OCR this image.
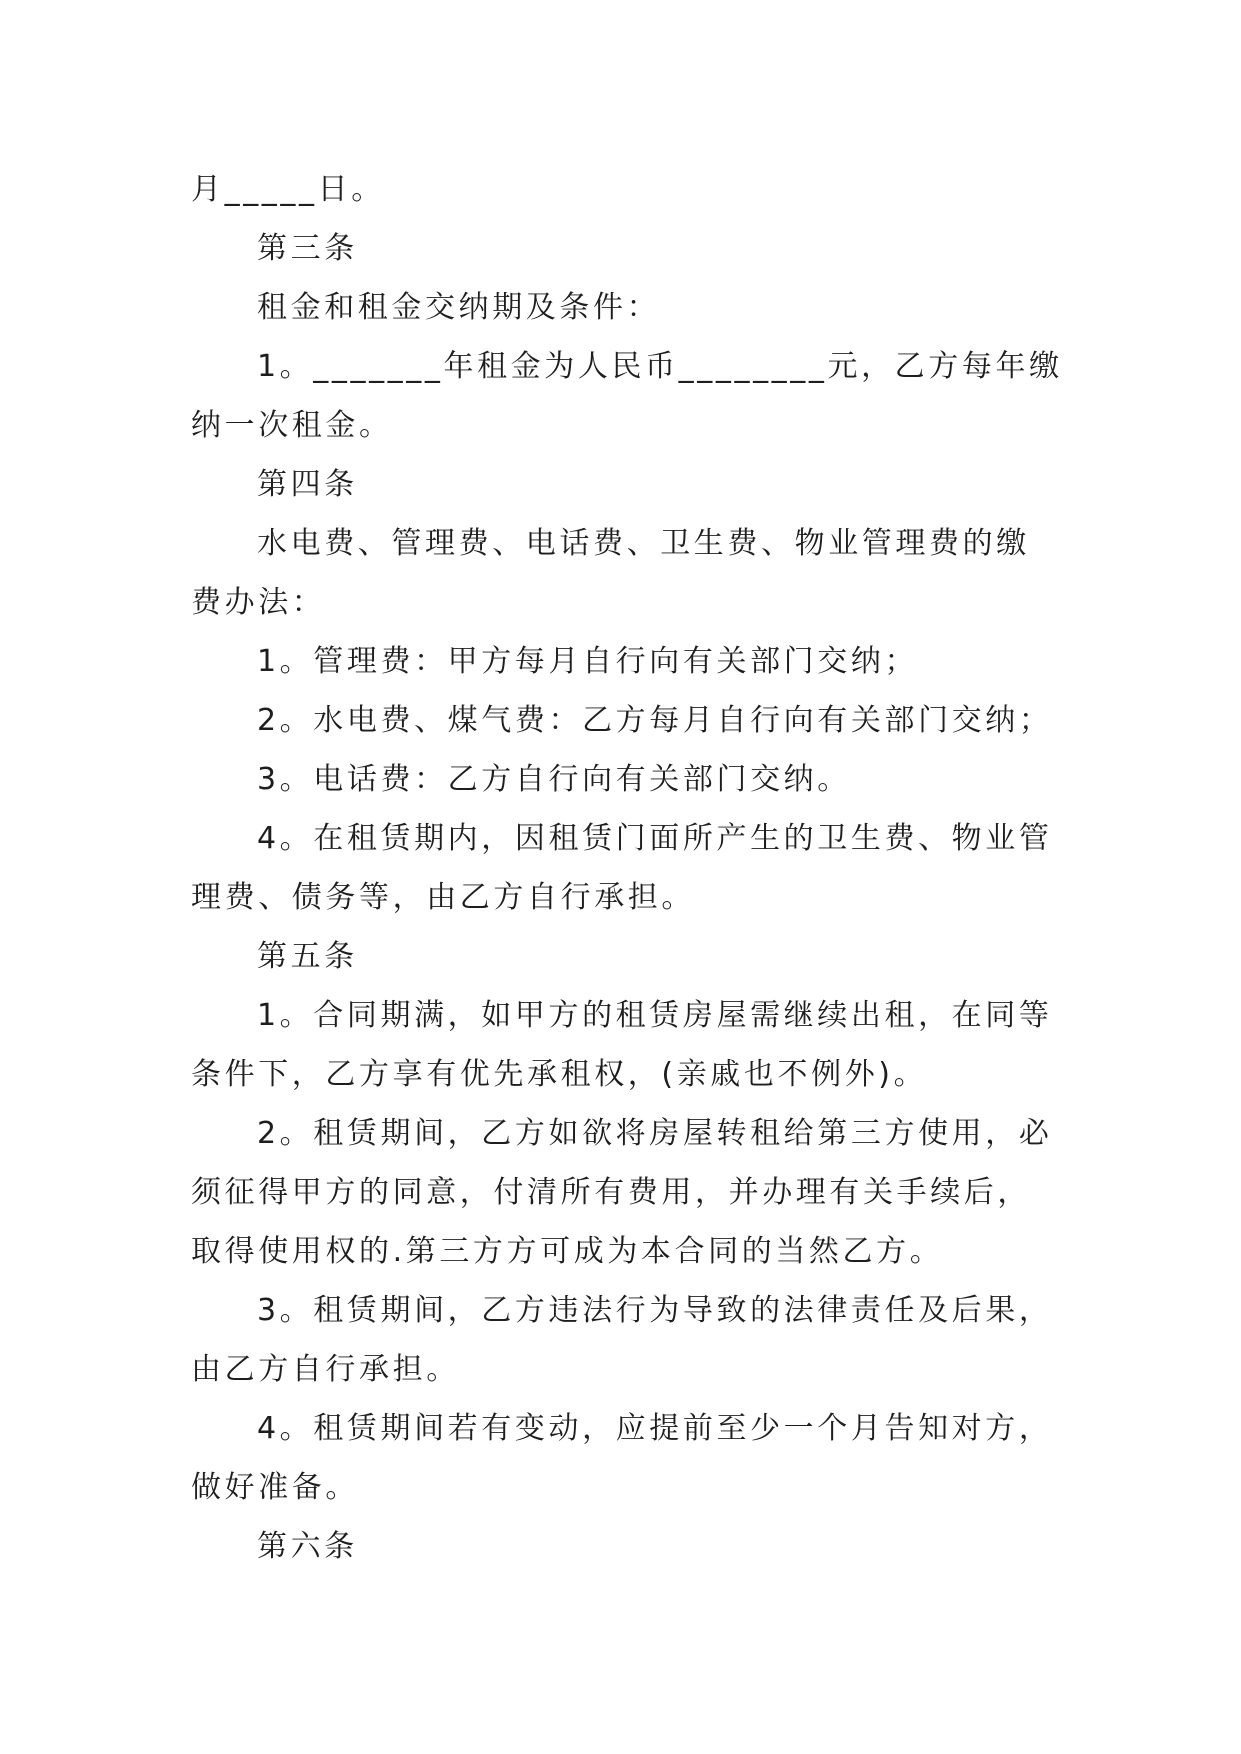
月_____日。

第三条

租金和租金交纳期及条件：

1。_______年租金为人民币________元，乙方每年缴纳一次租金。

第四条

水电费、管理费、电话费、卫生费、物业管理费的缴费办法：

1。管理费：甲方每月自行向有关部门交纳；

2。水电费、煤气费：乙方每月自行向有关部门交纳；

3。电话费：乙方自行向有关部门交纳。

4。在租赁期内，因租赁门面所产生的卫生费、物业管理费、债务等，由乙方自行承担。

第五条

1。合同期满，如甲方的租赁房屋需继续出租，在同等条件下，乙方享有优先承租权，(亲戚也不例外)。

2。租赁期间，乙方如欲将房屋转租给第三方使用，必须征得甲方的同意，付清所有费用，并办理有关手续后，取得使用权的.第三方方可成为本合同的当然乙方。

3。租赁期间，乙方违法行为导致的法律责任及后果，由乙方自行承担。

4。租赁期间若有变动，应提前至少一个月告知对方，做好准备。

第六条
